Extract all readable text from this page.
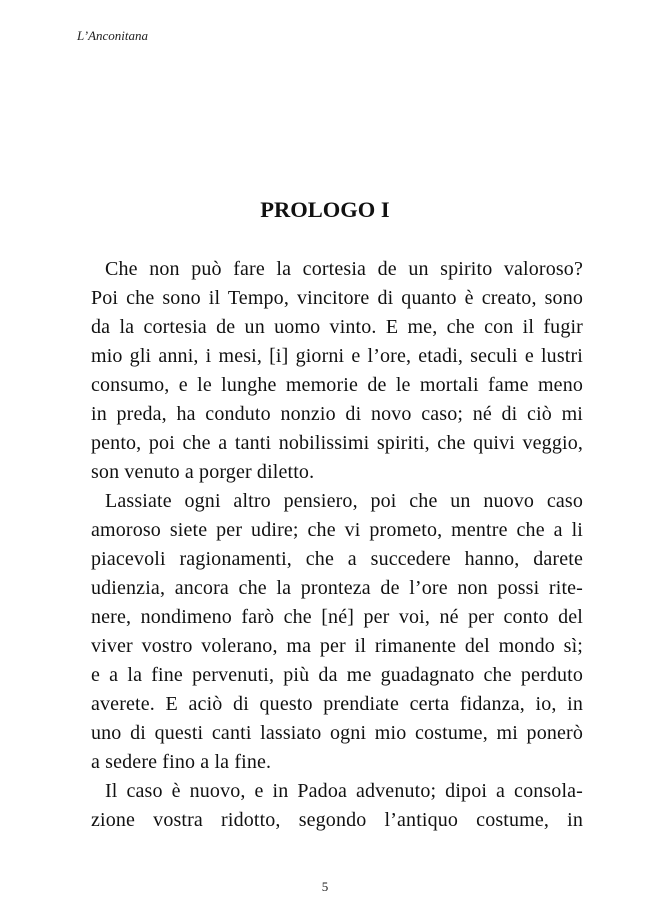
L’Anconitana

PROLOGO I

Che non può fare la cortesia de un spirito valoroso?
Poi che sono il Tempo, vincitore di quanto è creato, sono
da la cortesia de un uomo vinto. E me, che con il fugir
mio gli anni, i mesi, [i] giorni e l’ore, etadi, seculi e lustri
consumo, e le lunghe memorie de le mortali fame meno
in preda, ha conduto nonzio di novo caso; né di ciò mi
pento, poi che a tanti nobilissimi spiriti, che quivi veggio,
son venuto a porger diletto.

Lassiate ogni altro pensiero, poi che un nuovo caso
amoroso siete per udire; che vi prometo, mentre che a li
piacevoli ragionamenti, che a succedere hanno, darete
udienzia, ancora che la pronteza de l’ore non possi rite-
nere, nondimeno farò che [né] per voi, né per conto del
viver vostro volerano, ma per il rimanente del mondo sì;
e a la fine pervenuti, più da me guadagnato che perduto
averete. E aciò di questo prendiate certa fidanza, io, in
uno di questi canti lassiato ogni mio costume, mi ponerò
a sedere fino a la fine.

Il caso è nuovo, e in Padoa advenuto; dipoi a consola-
zione vostra ridotto, segondo l’antiquo costume, in

5
